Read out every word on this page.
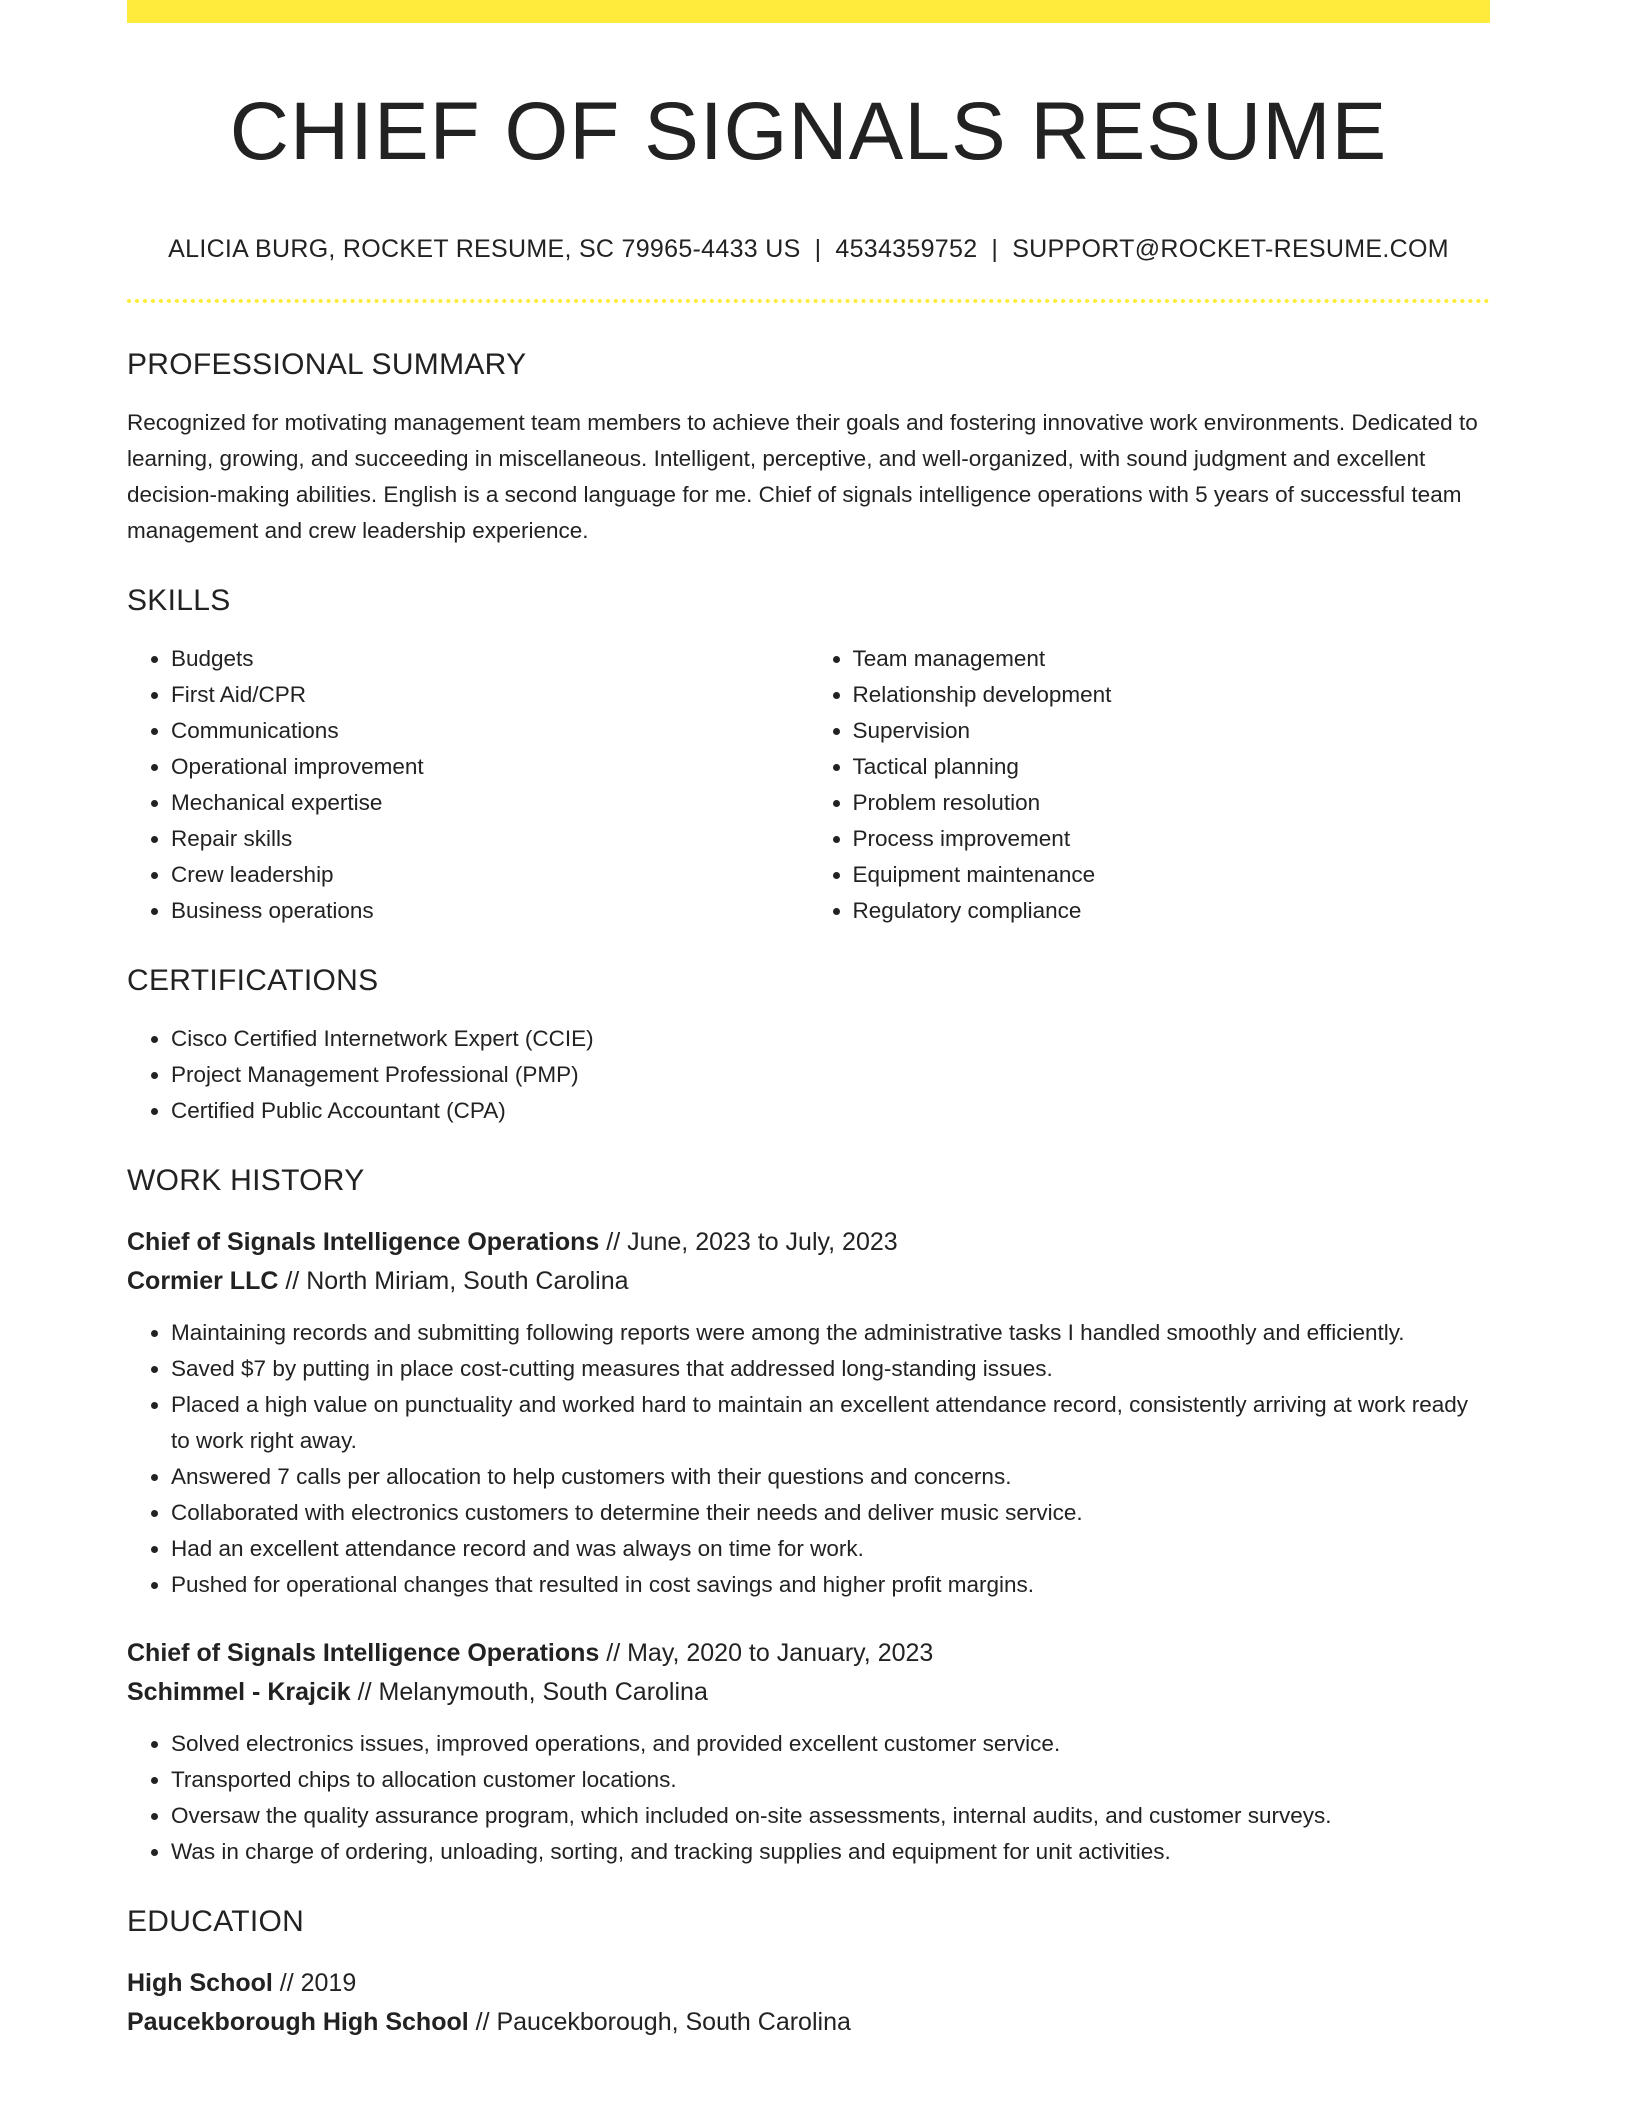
CHIEF OF SIGNALS RESUME
ALICIA BURG, ROCKET RESUME, SC 79965-4433 US | 4534359752 | SUPPORT@ROCKET-RESUME.COM
PROFESSIONAL SUMMARY
Recognized for motivating management team members to achieve their goals and fostering innovative work environments. Dedicated to learning, growing, and succeeding in miscellaneous. Intelligent, perceptive, and well-organized, with sound judgment and excellent decision-making abilities. English is a second language for me. Chief of signals intelligence operations with 5 years of successful team management and crew leadership experience.
SKILLS
• Budgets
• First Aid/CPR
• Communications
• Operational improvement
• Mechanical expertise
• Repair skills
• Crew leadership
• Business operations
• Team management
• Relationship development
• Supervision
• Tactical planning
• Problem resolution
• Process improvement
• Equipment maintenance
• Regulatory compliance
CERTIFICATIONS
• Cisco Certified Internetwork Expert (CCIE)
• Project Management Professional (PMP)
• Certified Public Accountant (CPA)
WORK HISTORY
Chief of Signals Intelligence Operations // June, 2023 to July, 2023
Cormier LLC // North Miriam, South Carolina
• Maintaining records and submitting following reports were among the administrative tasks I handled smoothly and efficiently.
• Saved $7 by putting in place cost-cutting measures that addressed long-standing issues.
• Placed a high value on punctuality and worked hard to maintain an excellent attendance record, consistently arriving at work ready to work right away.
• Answered 7 calls per allocation to help customers with their questions and concerns.
• Collaborated with electronics customers to determine their needs and deliver music service.
• Had an excellent attendance record and was always on time for work.
• Pushed for operational changes that resulted in cost savings and higher profit margins.
Chief of Signals Intelligence Operations // May, 2020 to January, 2023
Schimmel - Krajcik // Melanymouth, South Carolina
• Solved electronics issues, improved operations, and provided excellent customer service.
• Transported chips to allocation customer locations.
• Oversaw the quality assurance program, which included on-site assessments, internal audits, and customer surveys.
• Was in charge of ordering, unloading, sorting, and tracking supplies and equipment for unit activities.
EDUCATION
High School // 2019
Paucekborough High School // Paucekborough, South Carolina
